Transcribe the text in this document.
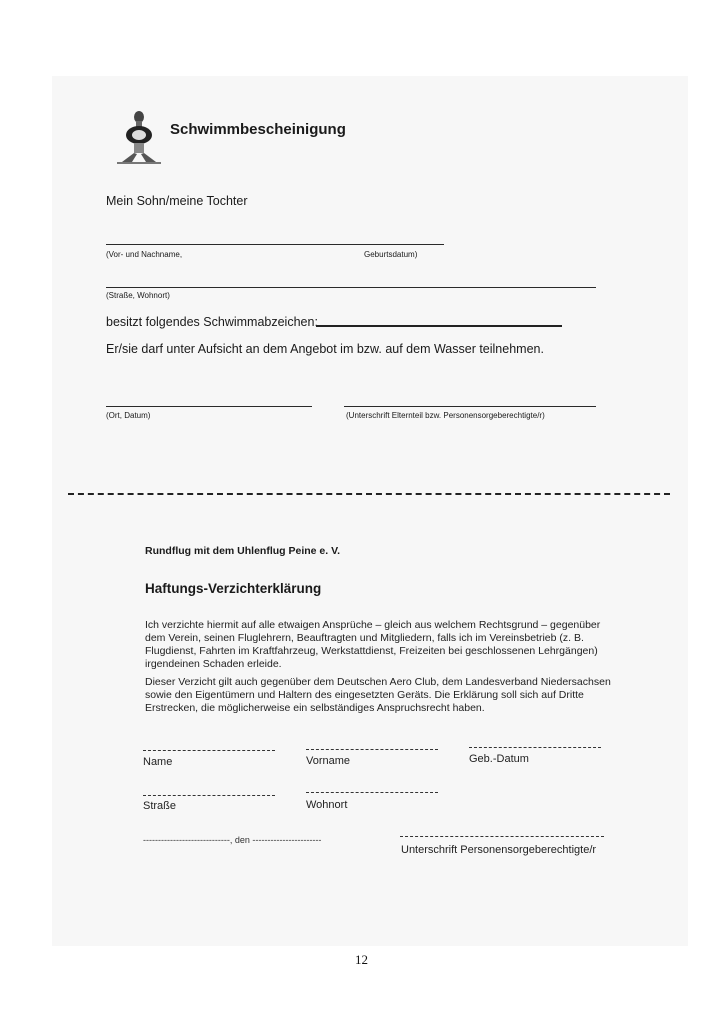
Schwimmbescheinigung
Mein Sohn/meine Tochter
(Vor- und Nachname,	Geburtsdatum)
(Straße, Wohnort)
besitzt folgendes Schwimmabzeichen:
Er/sie darf unter Aufsicht an dem Angebot im bzw. auf dem Wasser teilnehmen.
(Ort, Datum)	(Unterschrift Elternteil bzw. Personensorgeberechtigte/r)
Rundflug mit dem Uhlenflug Peine e. V.
Haftungs-Verzichterklärung
Ich verzichte hiermit auf alle etwaigen Ansprüche – gleich aus welchem Rechtsgrund – gegenüber dem Verein, seinen Fluglehrern, Beauftragten und Mitgliedern, falls ich im Vereinsbetrieb (z. B. Flugdienst, Fahrten im Kraftfahrzeug, Werkstattdienst, Freizeiten bei geschlossenen Lehrgängen) irgendeinen Schaden erleide.
Dieser Verzicht gilt auch gegenüber dem Deutschen Aero Club, dem Landesverband Niedersachsen sowie den Eigentümern und Haltern des eingesetzten Geräts. Die Erklärung soll sich auf Dritte Erstrecken, die möglicherweise ein selbständiges Anspruchsrecht haben.
Name	Vorname	Geb.-Datum
Straße	Wohnort
-----------------------------, den -----------------------
Unterschrift Personensorgeberechtigte/r
12
